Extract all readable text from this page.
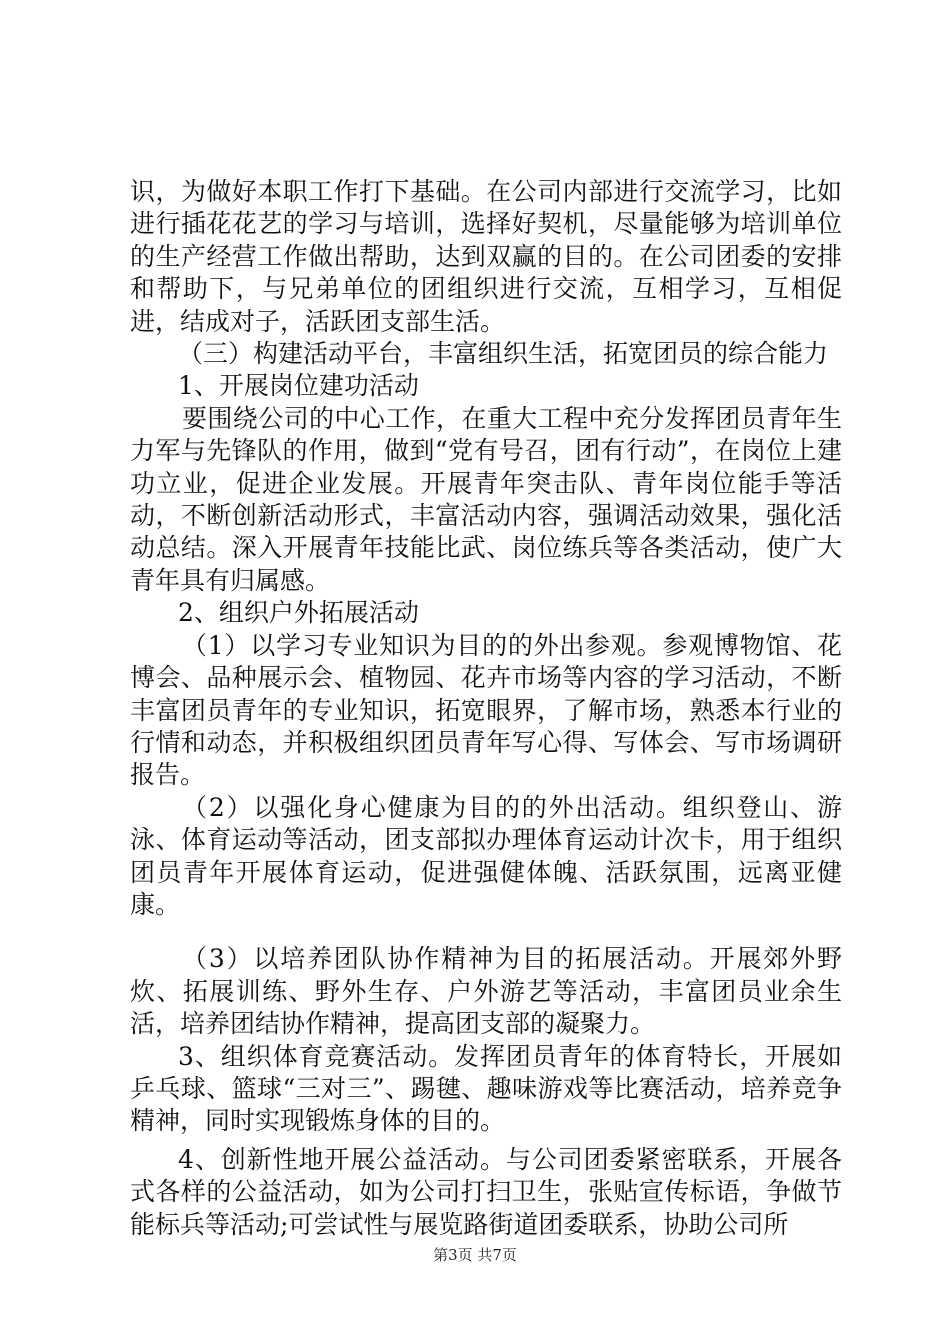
识，为做好本职工作打下基础。在公司内部进行交流学习，比如进行插花花艺的学习与培训，选择好契机，尽量能够为培训单位的生产经营工作做出帮助，达到双赢的目的。在公司团委的安排和帮助下，与兄弟单位的团组织进行交流，互相学习，互相促进，结成对子，活跃团支部生活。

（三）构建活动平台，丰富组织生活，拓宽团员的综合能力

1、开展岗位建功活动

要围绕公司的中心工作，在重大工程中充分发挥团员青年生力军与先锋队的作用，做到“党有号召，团有行动”，在岗位上建功立业，促进企业发展。开展青年突击队、青年岗位能手等活动，不断创新活动形式，丰富活动内容，强调活动效果，强化活动总结。深入开展青年技能比武、岗位练兵等各类活动，使广大青年具有归属感。

2、组织户外拓展活动

（1）以学习专业知识为目的的外出参观。参观博物馆、花博会、品种展示会、植物园、花卉市场等内容的学习活动，不断丰富团员青年的专业知识，拓宽眼界，了解市场，熟悉本行业的行情和动态，并积极组织团员青年写心得、写体会、写市场调研报告。

（2）以强化身心健康为目的的外出活动。组织登山、游泳、体育运动等活动，团支部拟办理体育运动计次卡，用于组织团员青年开展体育运动，促进强健体魄、活跃氛围，远离亚健康。

（3）以培养团队协作精神为目的拓展活动。开展郊外野炊、拓展训练、野外生存、户外游艺等活动，丰富团员业余生活，培养团结协作精神，提高团支部的凝聚力。

3、组织体育竞赛活动。发挥团员青年的体育特长，开展如乒乓球、篮球“三对三”、踢毽、趣味游戏等比赛活动，培养竞争精神，同时实现锻炼身体的目的。

4、创新性地开展公益活动。与公司团委紧密联系，开展各式各样的公益活动，如为公司打扫卫生，张贴宣传标语，争做节能标兵等活动;可尝试性与展览路街道团委联系，协助公司所

第3页 共7页
